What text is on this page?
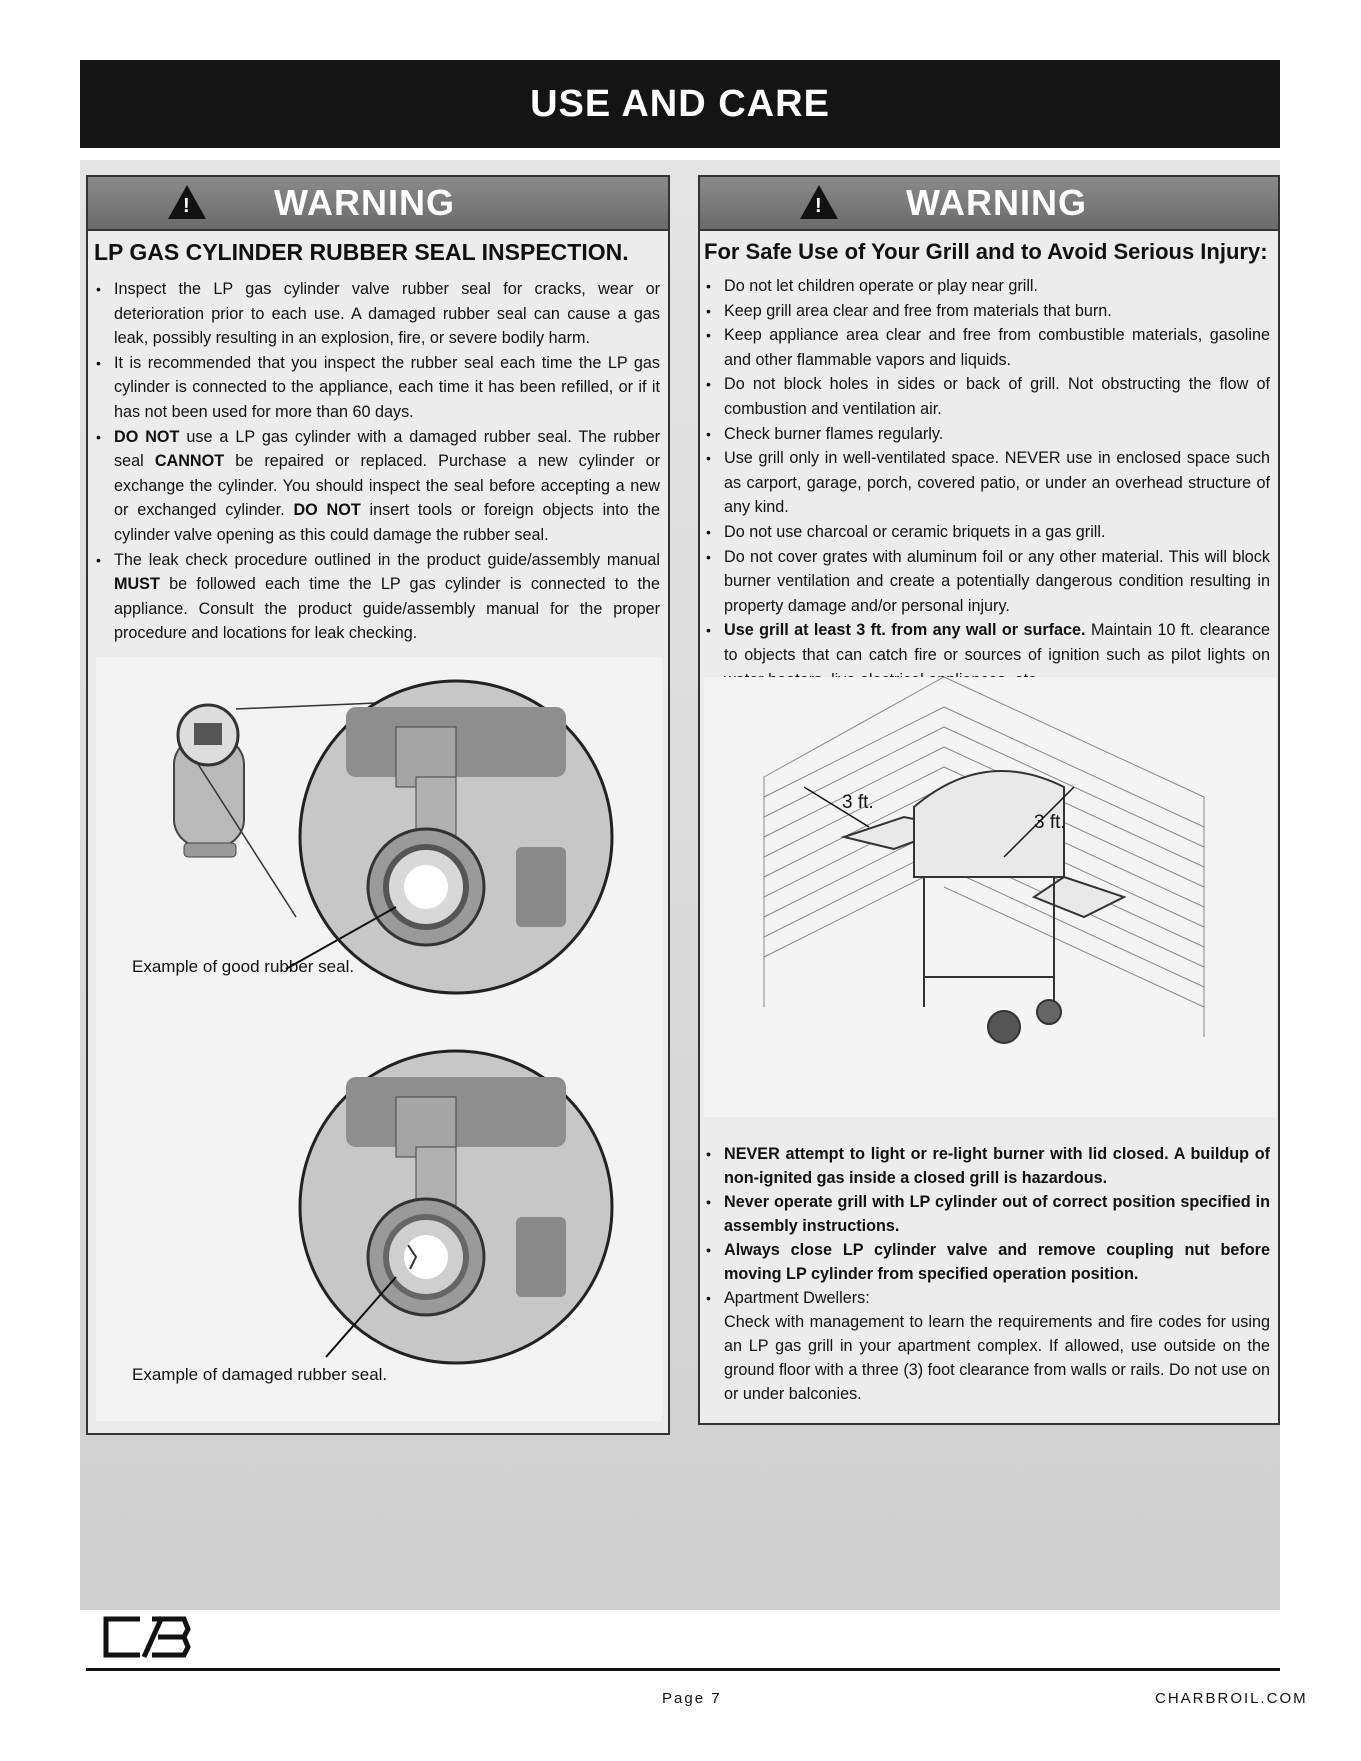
USE AND CARE
! WARNING
LP GAS CYLINDER RUBBER SEAL INSPECTION.
• Inspect the LP gas cylinder valve rubber seal for cracks, wear or deterioration prior to each use. A damaged rubber seal can cause a gas leak, possibly resulting in an explosion, fire, or severe bodily harm.
• It is recommended that you inspect the rubber seal each time the LP gas cylinder is connected to the appliance, each time it has been refilled, or if it has not been used for more than 60 days.
• DO NOT use a LP gas cylinder with a damaged rubber seal. The rubber seal CANNOT be repaired or replaced. Purchase a new cylinder or exchange the cylinder. You should inspect the seal before accepting a new or exchanged cylinder. DO NOT insert tools or foreign objects into the cylinder valve opening as this could damage the rubber seal.
• The leak check procedure outlined in the product guide/assembly manual MUST be followed each time the LP gas cylinder is connected to the appliance. Consult the product guide/assembly manual for the proper procedure and locations for leak checking.
Example of good rubber seal.
Example of damaged rubber seal.
! WARNING
For Safe Use of Your Grill and to Avoid Serious Injury:
• Do not let children operate or play near grill.
• Keep grill area clear and free from materials that burn.
• Keep appliance area clear and free from combustible materials, gasoline and other flammable vapors and liquids.
• Do not block holes in sides or back of grill. Not obstructing the flow of combustion and ventilation air.
• Check burner flames regularly.
• Use grill only in well-ventilated space. NEVER use in enclosed space such as carport, garage, porch, covered patio, or under an overhead structure of any kind.
• Do not use charcoal or ceramic briquets in a gas grill.
• Do not cover grates with aluminum foil or any other material. This will block burner ventilation and create a potentially dangerous condition resulting in property damage and/or personal injury.
• Use grill at least 3 ft. from any wall or surface. Maintain 10 ft. clearance to objects that can catch fire or sources of ignition such as pilot lights on
3 ft.
3 ft.
• NEVER attempt to light or re-light burner with lid closed. A buildup of non-ignited gas inside a closed grill is hazardous.
• Never operate grill with LP cylinder out of correct position specified in assembly instructions.
• Always close LP cylinder valve and remove coupling nut before moving LP cylinder from specified operation position.
• Apartment Dwellers:
Check with management to learn the requirements and fire codes for using an LP gas grill in your apartment complex. If allowed, use outside on the ground floor with a three (3) foot clearance from walls or rails. Do not use on or under balconies.
Page 7	CHARBROIL.COM
